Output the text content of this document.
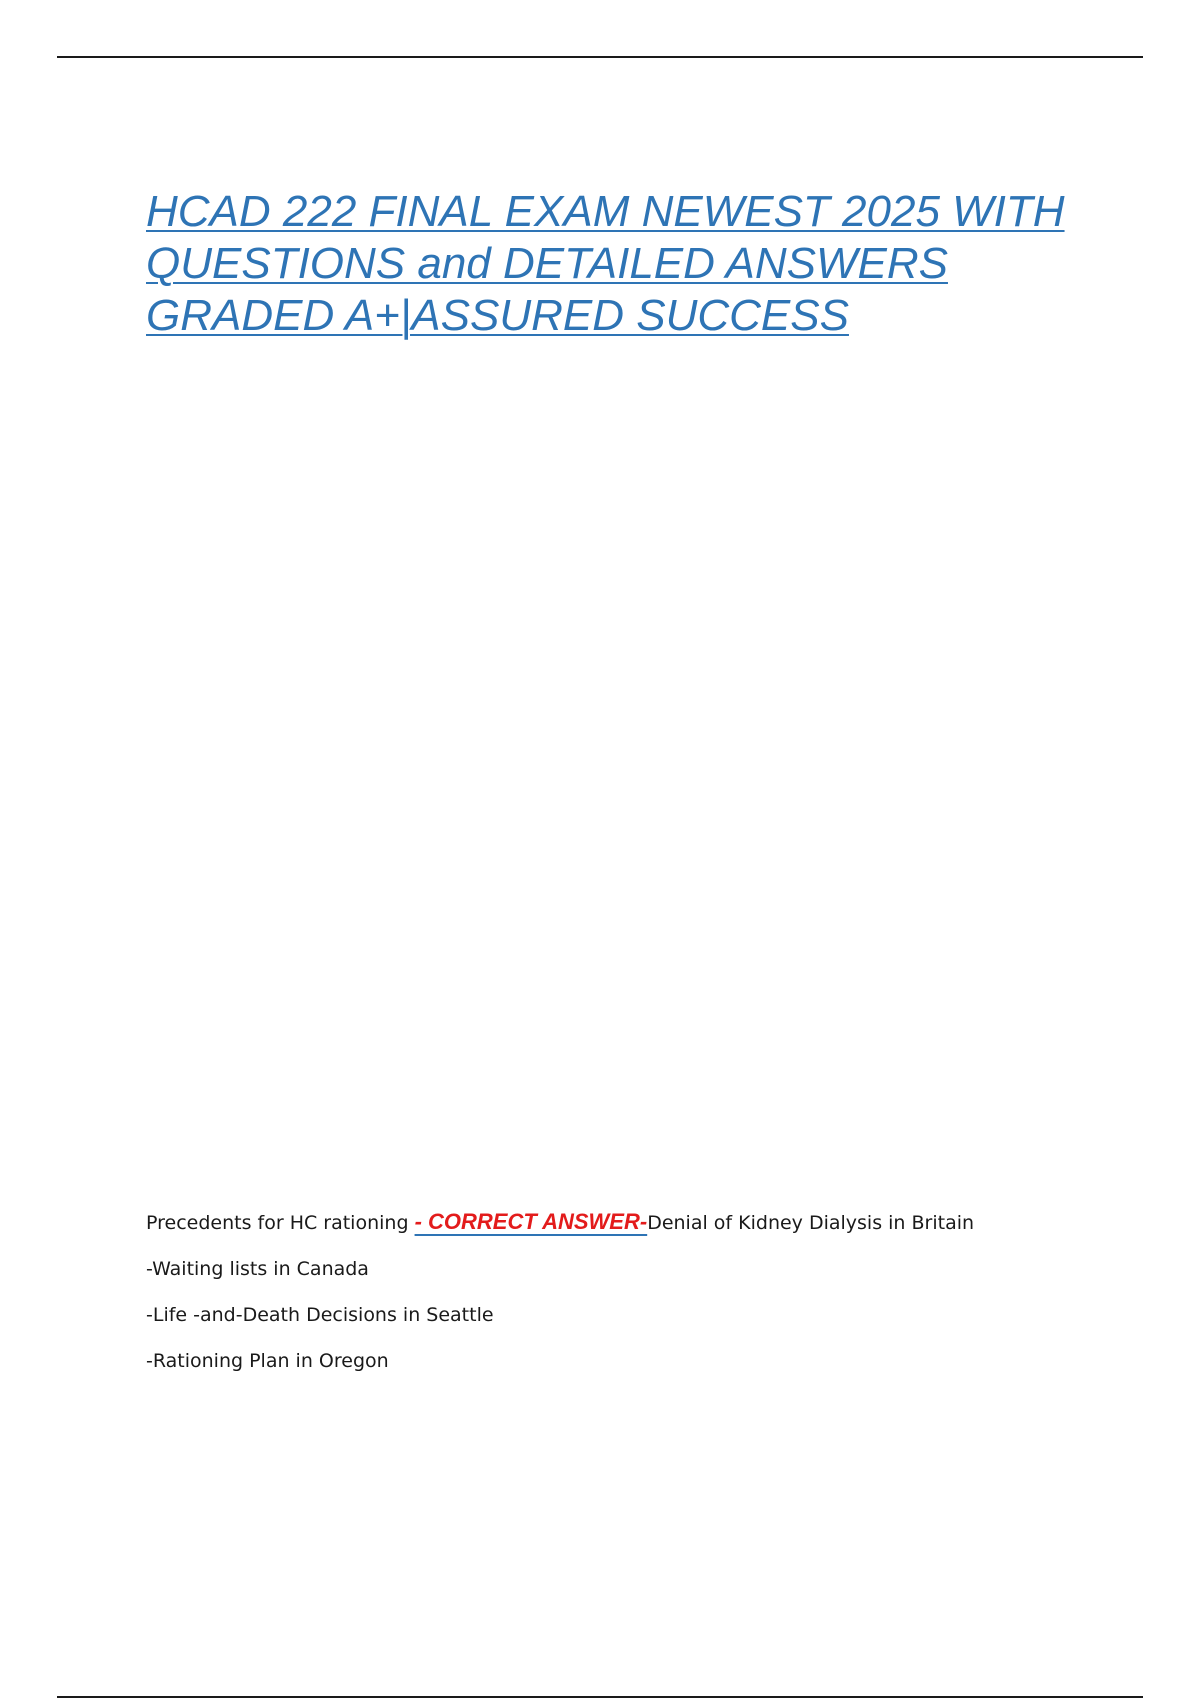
HCAD 222 FINAL EXAM NEWEST 2025 WITH
QUESTIONS and DETAILED ANSWERS
GRADED A+|ASSURED SUCCESS
Precedents for HC rationing - CORRECT ANSWER-Denial of Kidney Dialysis in Britain
-Waiting lists in Canada
-Life -and-Death Decisions in Seattle
-Rationing Plan in Oregon
